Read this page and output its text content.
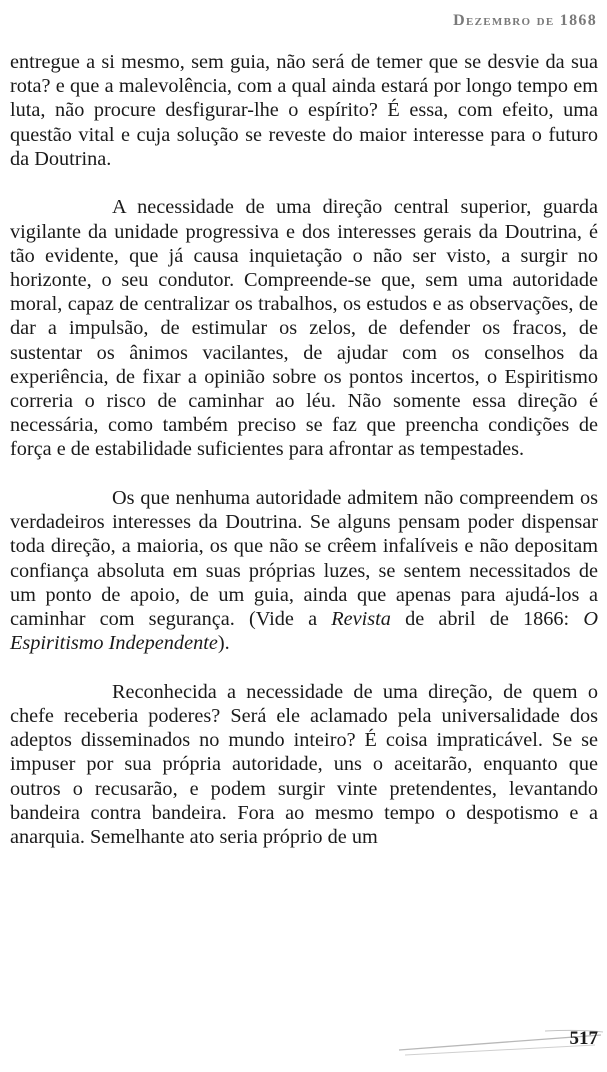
Dezembro de 1868

entregue a si mesmo, sem guia, não será de temer que se desvie da sua rota? e que a malevolência, com a qual ainda estará por longo tempo em luta, não procure desfigurar-lhe o espírito? É essa, com efeito, uma questão vital e cuja solução se reveste do maior interesse para o futuro da Doutrina.

A necessidade de uma direção central superior, guarda vigilante da unidade progressiva e dos interesses gerais da Doutrina, é tão evidente, que já causa inquietação o não ser visto, a surgir no horizonte, o seu condutor. Compreende-se que, sem uma autoridade moral, capaz de centralizar os trabalhos, os estudos e as observações, de dar a impulsão, de estimular os zelos, de defender os fracos, de sustentar os ânimos vacilantes, de ajudar com os conselhos da experiência, de fixar a opinião sobre os pontos incertos, o Espiritismo correria o risco de caminhar ao léu. Não somente essa direção é necessária, como também preciso se faz que preencha condições de força e de estabilidade suficientes para afrontar as tempestades.

Os que nenhuma autoridade admitem não compreendem os verdadeiros interesses da Doutrina. Se alguns pensam poder dispensar toda direção, a maioria, os que não se crêem infalíveis e não depositam confiança absoluta em suas próprias luzes, se sentem necessitados de um ponto de apoio, de um guia, ainda que apenas para ajudá-los a caminhar com segurança. (Vide a Revista de abril de 1866: O Espiritismo Independente).

Reconhecida a necessidade de uma direção, de quem o chefe receberia poderes? Será ele aclamado pela universalidade dos adeptos disseminados no mundo inteiro? É coisa impraticável. Se se impuser por sua própria autoridade, uns o aceitarão, enquanto que outros o recusarão, e podem surgir vinte pretendentes, levantando bandeira contra bandeira. Fora ao mesmo tempo o despotismo e a anarquia. Semelhante ato seria próprio de um

517
